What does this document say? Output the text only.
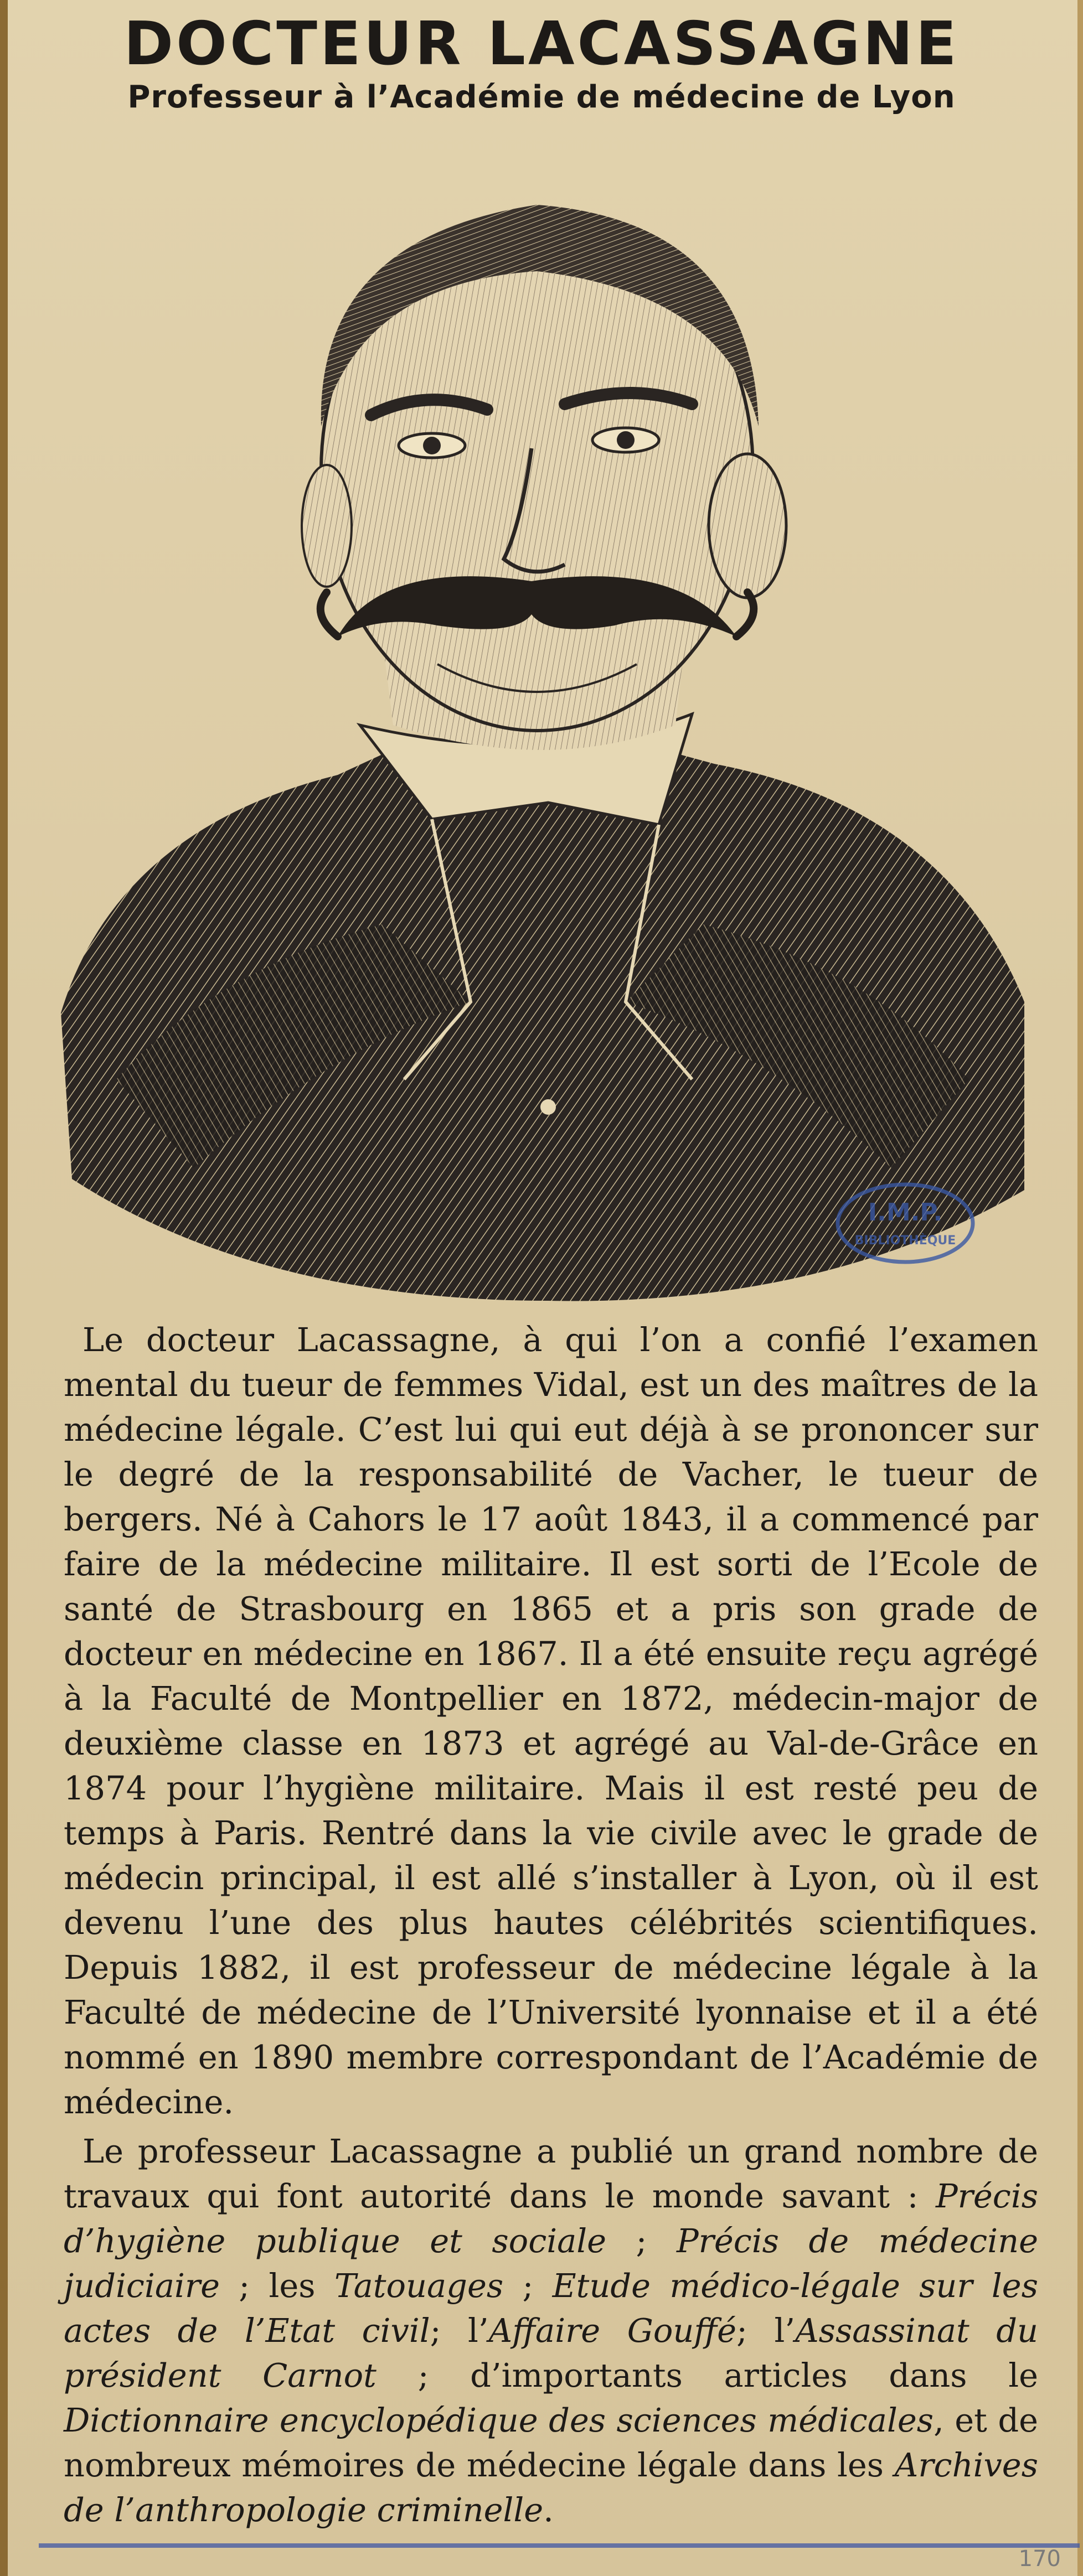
DOCTEUR LACASSAGNE
Professeur à l’Académie de médecine de Lyon
I.M.P.
BIBLIOTHÈQUE

Le docteur Lacassagne, à qui l’on a confié l’examen mental du tueur de femmes Vidal, est un des maîtres de la médecine légale. C’est lui qui eut déjà à se prononcer sur le degré de la responsabilité de Vacher, le tueur de bergers. Né à Cahors le 17 août 1843, il a commencé par faire de la médecine militaire. Il est sorti de l’Ecole de santé de Strasbourg en 1865 et a pris son grade de docteur en médecine en 1867. Il a été ensuite reçu agrégé à la Faculté de Montpellier en 1872, médecin-major de deuxième classe en 1873 et agrégé au Val-de-Grâce en 1874 pour l’hygiène militaire. Mais il est resté peu de temps à Paris. Rentré dans la vie civile avec le grade de médecin principal, il est allé s’installer à Lyon, où il est devenu l’une des plus hautes célébrités scientifiques. Depuis 1882, il est professeur de médecine légale à la Faculté de médecine de l’Université lyonnaise et il a été nommé en 1890 membre correspondant de l’Académie de médecine.

Le professeur Lacassagne a publié un grand nombre de travaux qui font autorité dans le monde savant : Précis d’hygiène publique et sociale ; Précis de médecine judiciaire ; les Tatouages ; Etude médico-légale sur les actes de l’Etat civil; l’Affaire Gouffé; l’Assassinat du président Carnot ; d’importants articles dans le Dictionnaire encyclopédique des sciences médicales, et de nombreux mémoires de médecine légale dans les Archives de l’anthropologie criminelle.

170
